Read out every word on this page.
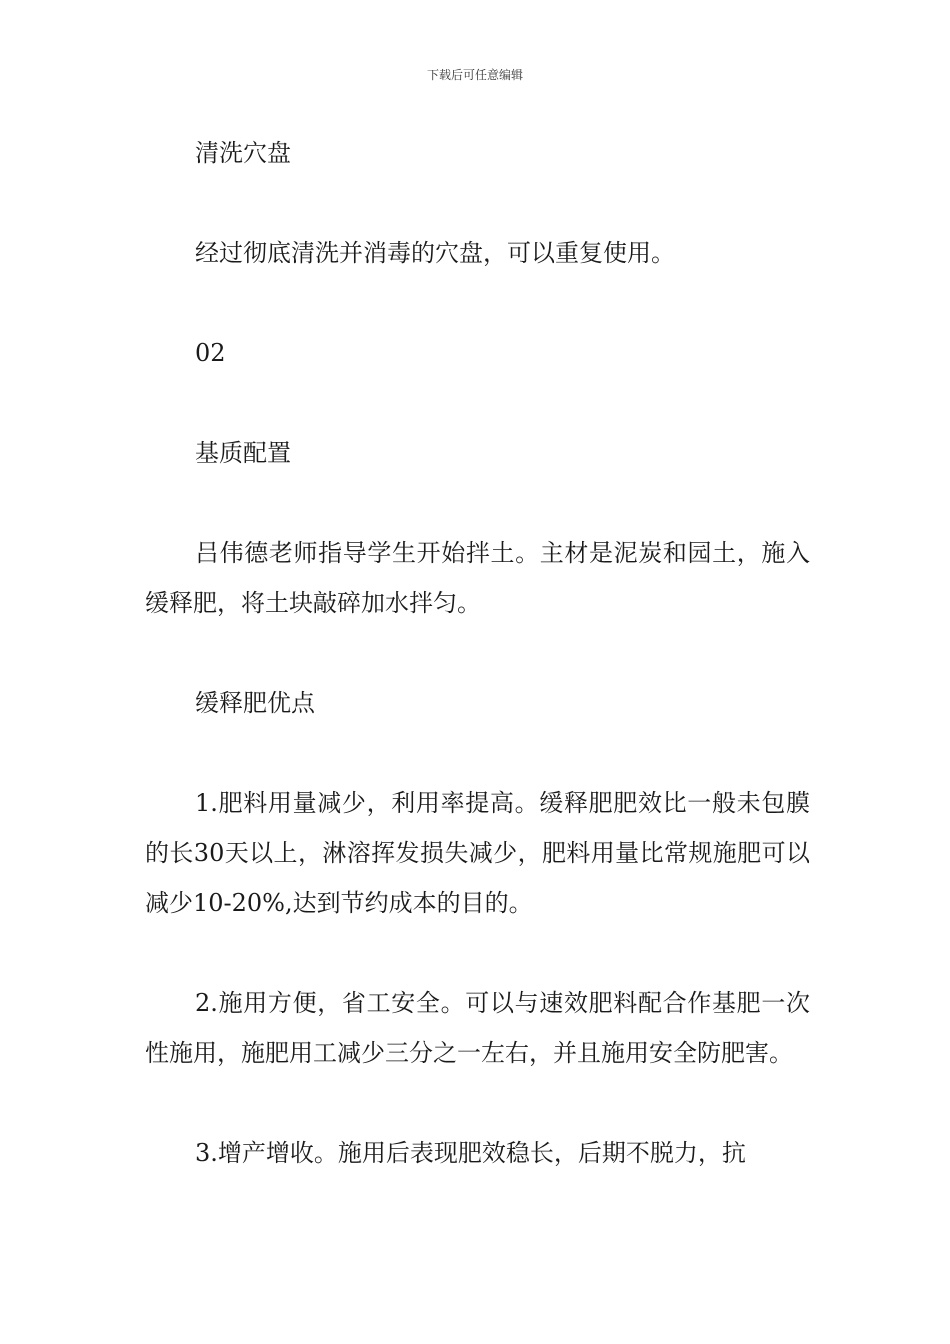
下载后可任意编辑

清洗穴盘

经过彻底清洗并消毒的穴盘，可以重复使用。

02

基质配置

吕伟德老师指导学生开始拌土。主材是泥炭和园土，施入缓释肥，将土块敲碎加水拌匀。

缓释肥优点

1.肥料用量减少，利用率提高。缓释肥肥效比一般未包膜的长30天以上，淋溶挥发损失减少，肥料用量比常规施肥可以减少10-20%,达到节约成本的目的。

2.施用方便，省工安全。可以与速效肥料配合作基肥一次性施用，施肥用工减少三分之一左右，并且施用安全防肥害。

3.增产增收。施用后表现肥效稳长，后期不脱力，抗
